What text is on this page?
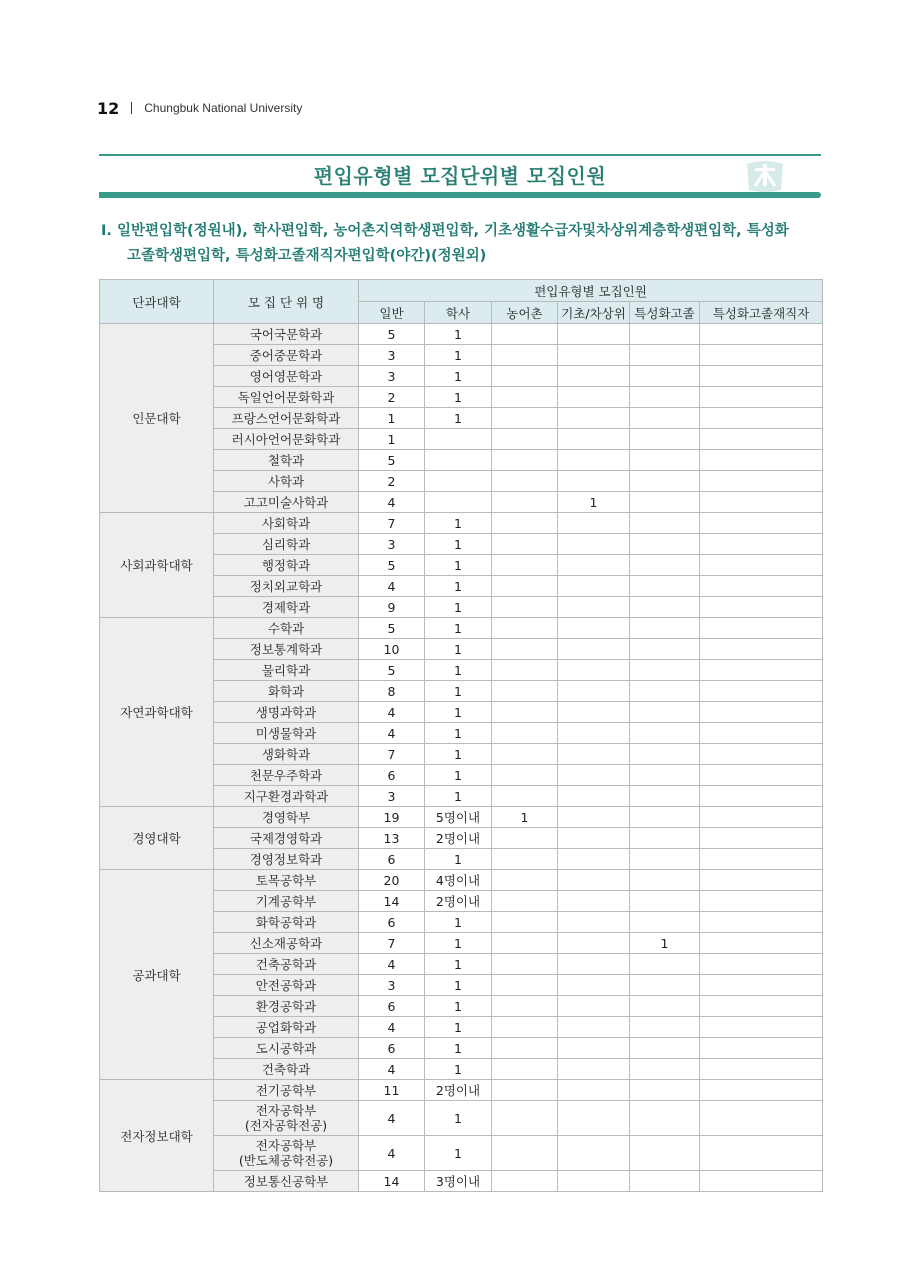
12 Chungbuk National University
편입유형별 모집단위별 모집인원
Ⅰ. 일반편입학(정원내), 학사편입학, 농어촌지역학생편입학, 기초생활수급자및차상위계층학생편입학, 특성화
고졸학생편입학, 특성화고졸재직자편입학(야간)(정원외)
단과대학	모 집 단 위 명	편입유형별 모집인원					
		일반	학사	농어촌	기초/차상위	특성화고졸	특성화고졸재직자
인문대학	국어국문학과	5	1				

	중어중문학과	3	1				

	영어영문학과	3	1				

	독일언어문화학과	2	1				

	프랑스언어문화학과	1	1				

	러시아언어문화학과	1					

	철학과	5					

	사학과	2					

	고고미술사학과	4			1		
사회과학대학	사회학과	7	1				

	심리학과	3	1				

	행정학과	5	1				

	정치외교학과	4	1				

	경제학과	9	1				
자연과학대학	수학과	5	1				

	정보통계학과	10	1				

	물리학과	5	1				

	화학과	8	1				

	생명과학과	4	1				

	미생물학과	4	1				

	생화학과	7	1				

	천문우주학과	6	1				

	지구환경과학과	3	1				
경영대학	경영학부	19	5명이내	1			

	국제경영학과	13	2명이내				

	경영정보학과	6	1				
공과대학	토목공학부	20	4명이내				

	기계공학부	14	2명이내				

	화학공학과	6	1				

	신소재공학과	7	1			1	

	건축공학과	4	1				

	안전공학과	3	1				

	환경공학과	6	1				

	공업화학과	4	1				

	도시공학과	6	1				

	건축학과	4	1				
전자정보대학	전기공학부	11	2명이내				

	전자공학부
(전자공학전공)	4	1				

	전자공학부
(반도체공학전공)	4	1				

	정보통신공학부	14	3명이내				
